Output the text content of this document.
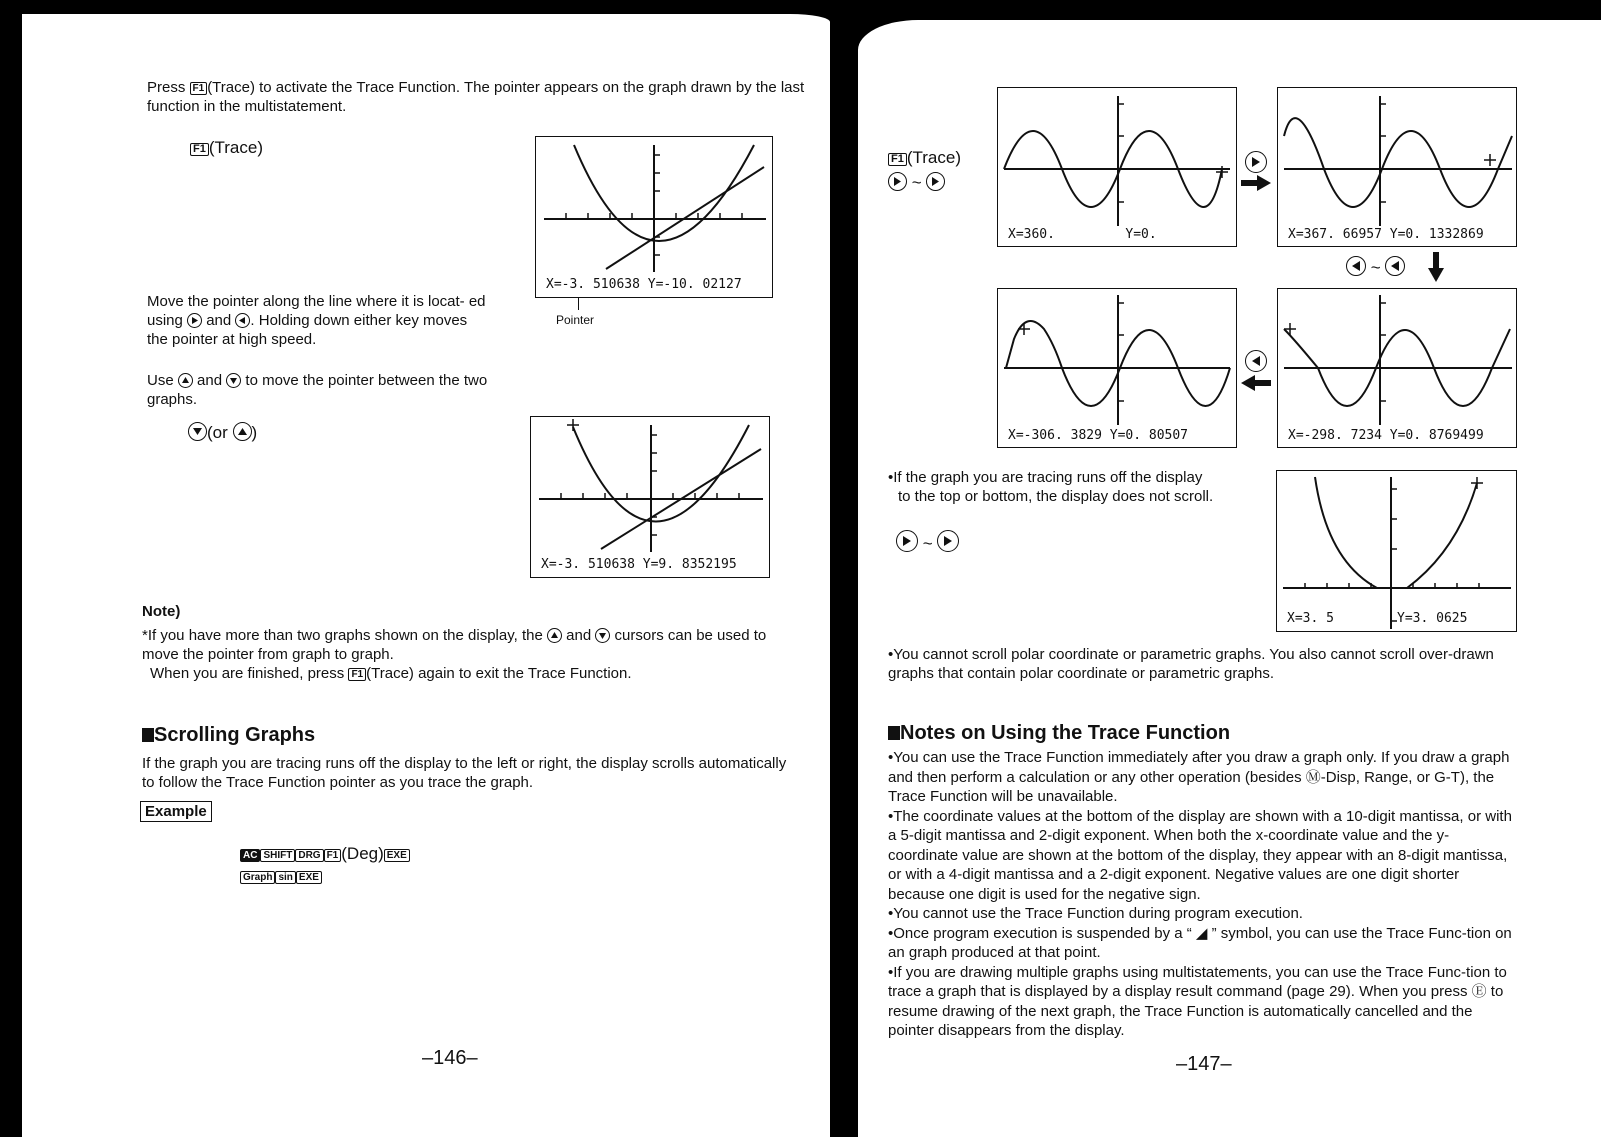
Press F1 (Trace) to activate the Trace Function. The pointer appears on the graph drawn by the last function in the multistatement.

F1 (Trace)
X=-3. 510638 Y=-10. 02127
Pointer

Move the pointer along the line where it is locat- ed using and . Holding down either key moves the pointer at high speed.

Use and to move the pointer between the two graphs.

(or )
X=-3. 510638 Y=9. 8352195
Note)

*If you have more than two graphs shown on the display, the and cursors can be used to move the pointer from graph to graph.

When you are finished, press F1 (Trace) again to exit the Trace Function.

Scrolling Graphs

If the graph you are tracing runs off the display to the left or right, the display scrolls automatically to follow the Trace Function pointer as you trace the graph.

Example
AC SHIFT DRG F1 (Deg) EXE
Graph sin EXE
–146–
F1 (Trace)
~
X=360.         Y=0.	X=367. 66957 Y=0. 1332869
~
X=-306. 3829 Y=0. 80507	X=-298. 7234 Y=0. 8769499

•If the graph you are tracing runs off the display
to the top or bottom, the display does not scroll.

~
X=3. 5	Y=3. 0625

•You cannot scroll polar coordinate or parametric graphs. You also cannot scroll over-drawn graphs that contain polar coordinate or parametric graphs.

Notes on Using the Trace Function
•You can use the Trace Function immediately after you draw a graph only. If you draw a graph and then perform a calculation or any other operation (besides Ⓜ-Disp, Range, or G-T), the Trace Function will be unavailable.
•The coordinate values at the bottom of the display are shown with a 10-digit mantissa, or with a 5-digit mantissa and 2-digit exponent. When both the x-coordinate value and the y-coordinate value are shown at the bottom of the display, they appear with an 8-digit mantissa, or with a 4-digit mantissa and a 2-digit exponent. Negative values are one digit shorter because one digit is used for the negative sign.
•You cannot use the Trace Function during program execution.
•Once program execution is suspended by a “ ◢ ” symbol, you can use the Trace Func-tion on an graph produced at that point.
•If you are drawing multiple graphs using multistatements, you can use the Trace Func-tion to trace a graph that is displayed by a display result command (page 29). When you press Ⓔ to resume drawing of the next graph, the Trace Function is automatically cancelled and the pointer disappears from the display.
–147–
